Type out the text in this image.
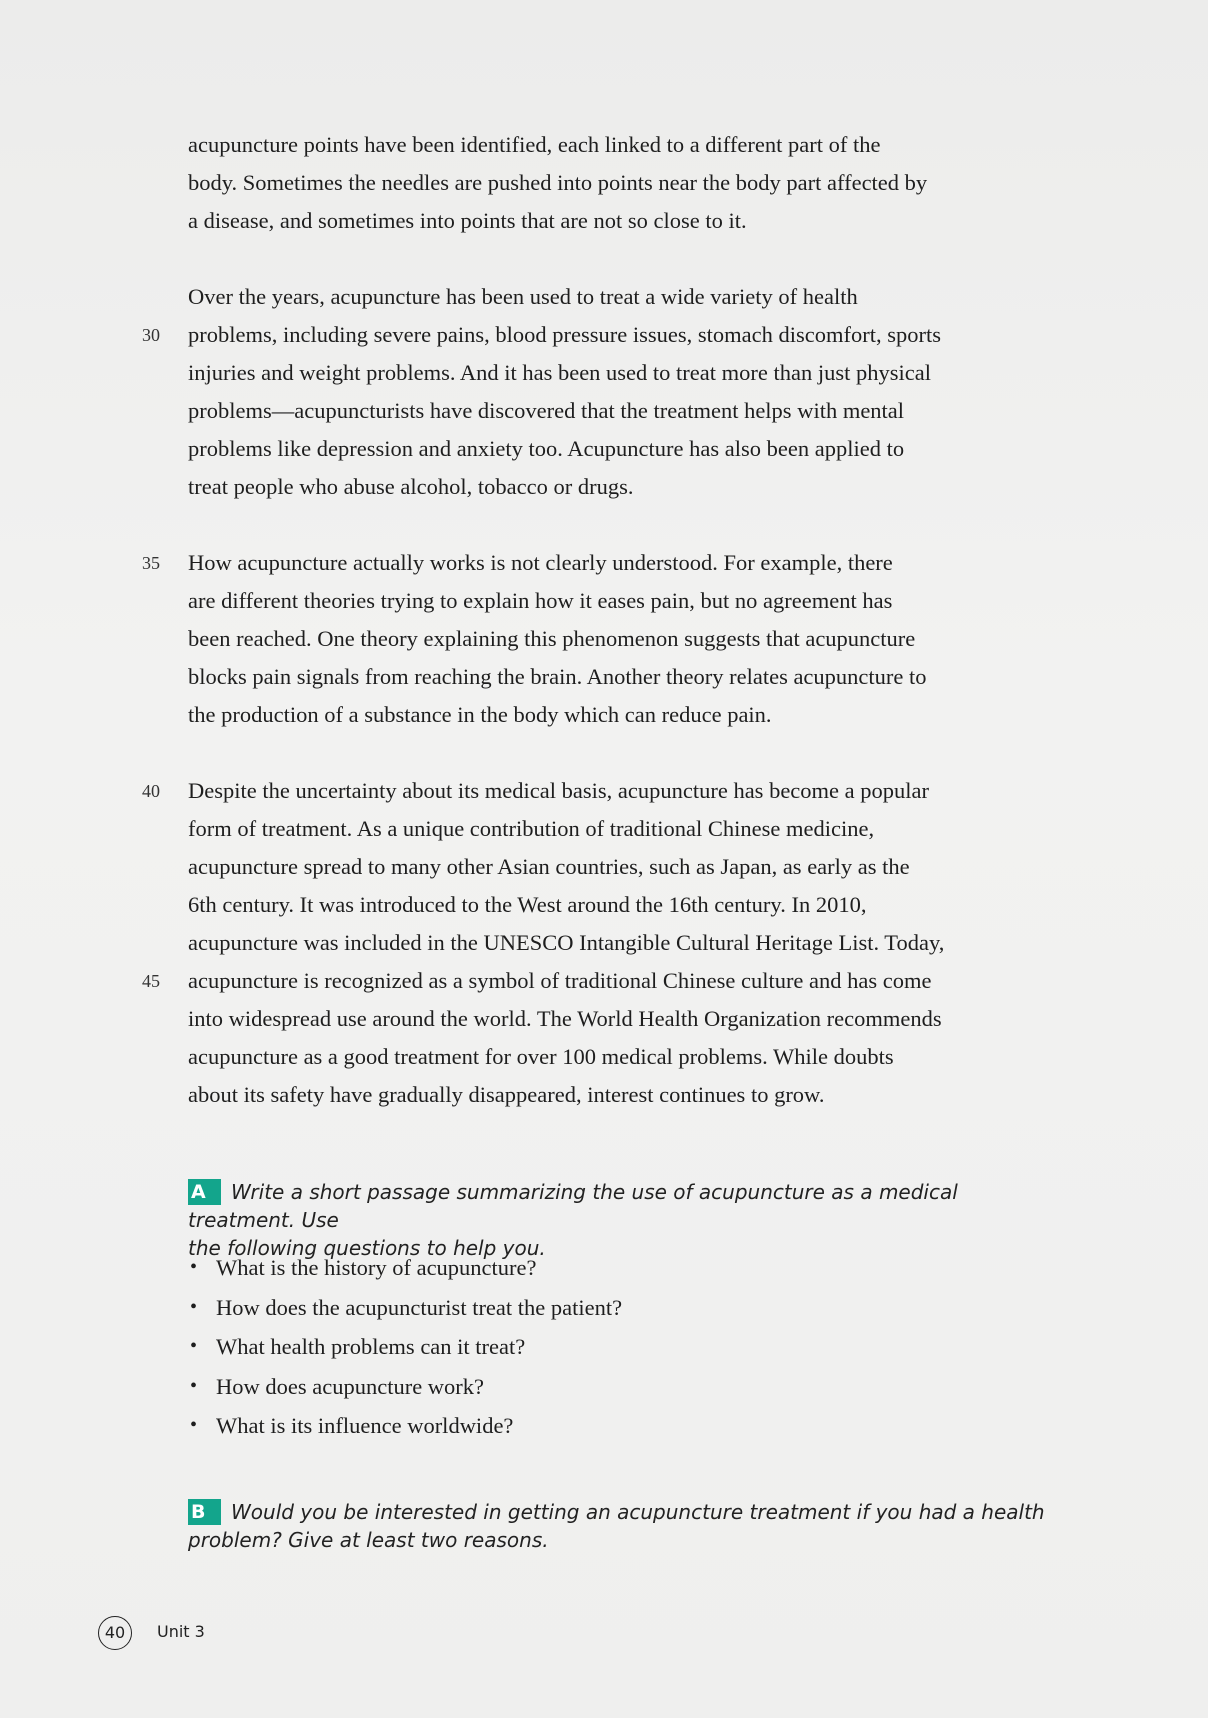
acupuncture points have been identified, each linked to a different part of the
body. Sometimes the needles are pushed into points near the body part affected by
a disease, and sometimes into points that are not so close to it.

Over the years, acupuncture has been used to treat a wide variety of health
problems, including severe pains, blood pressure issues, stomach discomfort, sports
injuries and weight problems. And it has been used to treat more than just physical
problems—acupuncturists have discovered that the treatment helps with mental
problems like depression and anxiety too. Acupuncture has also been applied to
treat people who abuse alcohol, tobacco or drugs.

How acupuncture actually works is not clearly understood. For example, there
are different theories trying to explain how it eases pain, but no agreement has
been reached. One theory explaining this phenomenon suggests that acupuncture
blocks pain signals from reaching the brain. Another theory relates acupuncture to
the production of a substance in the body which can reduce pain.

Despite the uncertainty about its medical basis, acupuncture has become a popular
form of treatment. As a unique contribution of traditional Chinese medicine,
acupuncture spread to many other Asian countries, such as Japan, as early as the
6th century. It was introduced to the West around the 16th century. In 2010,
acupuncture was included in the UNESCO Intangible Cultural Heritage List. Today,
acupuncture is recognized as a symbol of traditional Chinese culture and has come
into widespread use around the world. The World Health Organization recommends
acupuncture as a good treatment for over 100 medical problems. While doubts
about its safety have gradually disappeared, interest continues to grow.

30
35
40
45
A Write a short passage summarizing the use of acupuncture as a medical treatment. Use
the following questions to help you.
• What is the history of acupuncture?
• How does the acupuncturist treat the patient?
• What health problems can it treat?
• How does acupuncture work?
• What is its influence worldwide?
B Would you be interested in getting an acupuncture treatment if you had a health
problem? Give at least two reasons.
40	Unit 3
